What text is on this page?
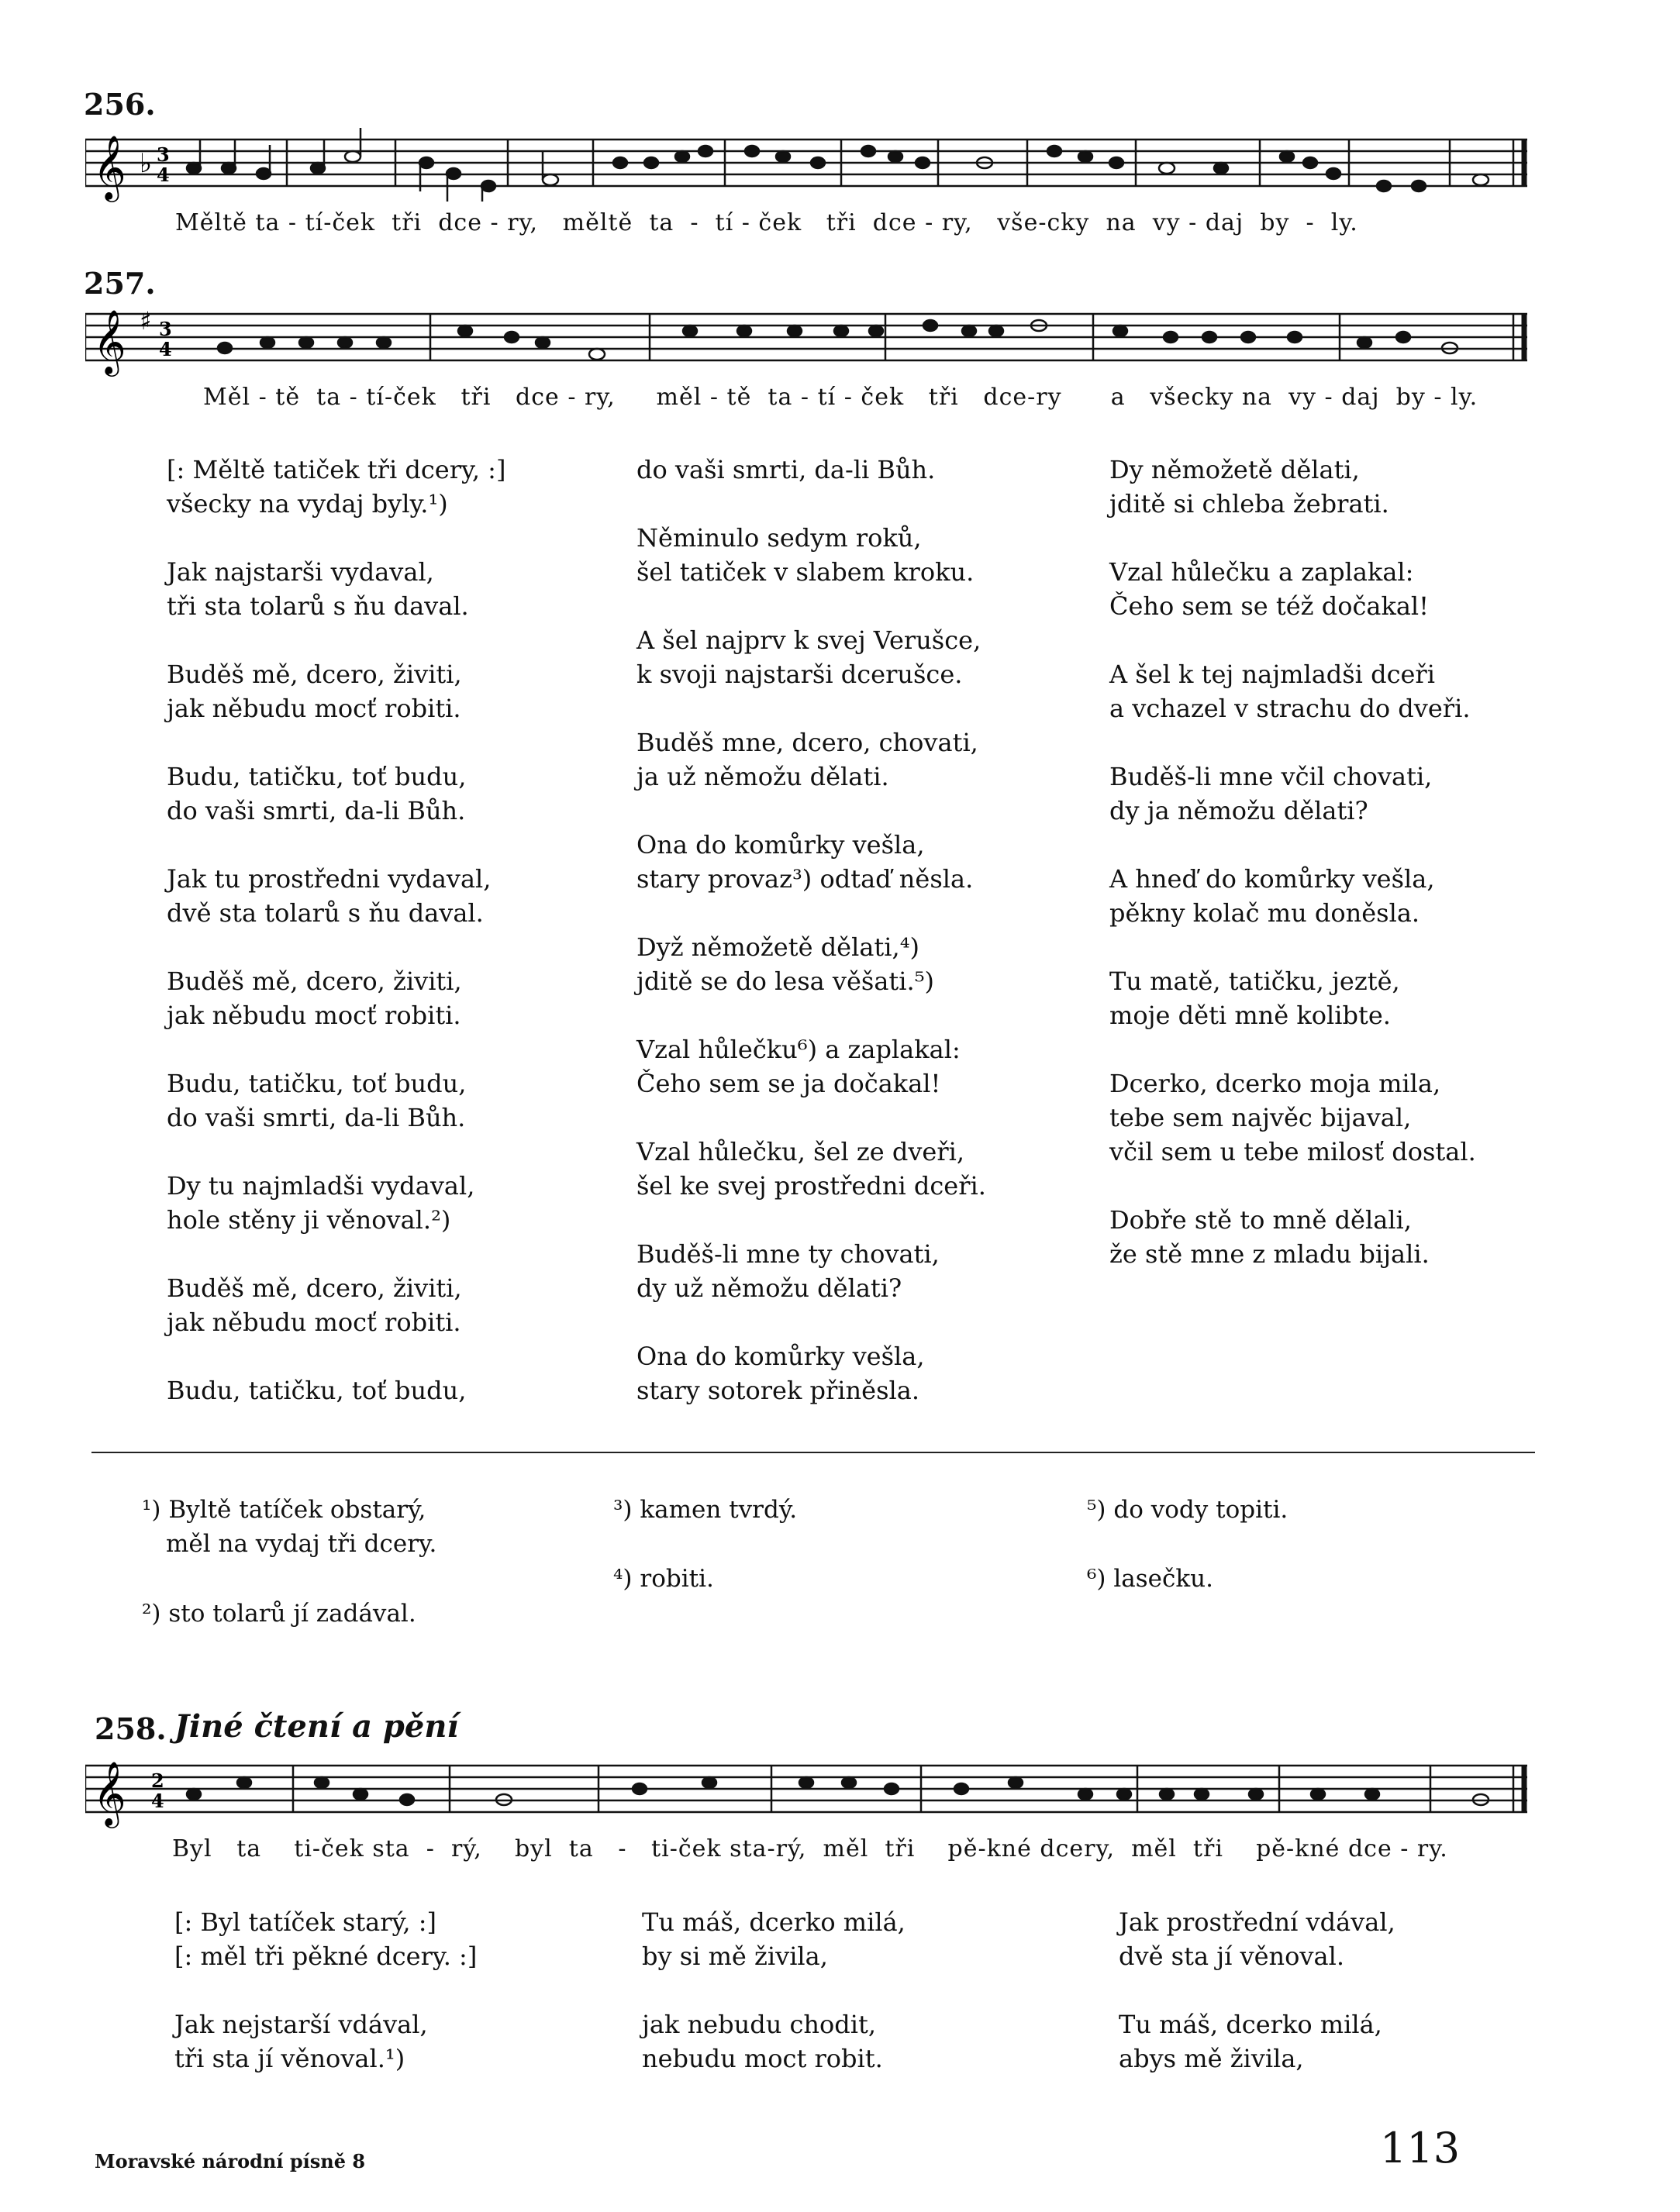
256.
𝄞 ♭ 3
4
Měltě ta - tí-ček  tři  dce - ry,   měltě  ta  -  tí - ček   tři  dce - ry,   vše-cky  na  vy - daj  by  -  ly.
257.
𝄞 ♯ 3
4
Měl - tě  ta - tí-ček   tři   dce - ry,     měl - tě  ta - tí - ček   tři   dce-ry      a   všecky na  vy - daj  by - ly.
[: Měltě tatiček tři dcery, :]
všecky na vydaj byly.¹)
Jak najstarši vydaval,
tři sta tolarů s ňu daval.
Buděš mě, dcero, živiti,
jak něbudu mocť robiti.
Budu, tatičku, toť budu,
do vaši smrti, da-li Bůh.
Jak tu prostředni vydaval,
dvě sta tolarů s ňu daval.
Buděš mě, dcero, živiti,
jak něbudu mocť robiti.
Budu, tatičku, toť budu,
do vaši smrti, da-li Bůh.
Dy tu najmladši vydaval,
hole stěny ji věnoval.²)
Buděš mě, dcero, živiti,
jak něbudu mocť robiti.
Budu, tatičku, toť budu,
do vaši smrti, da-li Bůh.
Něminulo sedym roků,
šel tatiček v slabem kroku.
A šel najprv k svej Verušce,
k svoji najstarši dcerušce.
Buděš mne, dcero, chovati,
ja už němožu dělati.
Ona do komůrky vešla,
stary provaz³) odtaď něsla.
Dyž němožetě dělati,⁴)
jditě se do lesa věšati.⁵)
Vzal hůlečku⁶) a zaplakal:
Čeho sem se ja dočakal!
Vzal hůlečku, šel ze dveři,
šel ke svej prostředni dceři.
Buděš-li mne ty chovati,
dy už němožu dělati?
Ona do komůrky vešla,
stary sotorek přiněsla.
Dy němožetě dělati,
jditě si chleba žebrati.
Vzal hůlečku a zaplakal:
Čeho sem se též dočakal!
A šel k tej najmladši dceři
a vchazel v strachu do dveři.
Buděš-li mne včil chovati,
dy ja němožu dělati?
A hneď do komůrky vešla,
pěkny kolač mu doněsla.
Tu matě, tatičku, jeztě,
moje děti mně kolibte.
Dcerko, dcerko moja mila,
tebe sem najvěc bijaval,
včil sem u tebe milosť dostal.
Dobře stě to mně dělali,
že stě mne z mladu bijali.
¹) Byltě tatíček obstarý,
měl na vydaj tři dcery.
²) sto tolarů jí zadával.
³) kamen tvrdý.
⁴) robiti.
⁵) do vody topiti.
⁶) lasečku.
258. Jiné čtení a pění
𝄞 2
4
Byl   ta    ti-ček sta  -  rý,    byl  ta   -   ti-ček sta-rý,  měl  tři    pě-kné dcery,  měl  tři    pě-kné dce - ry.
[: Byl tatíček starý, :]
[: měl tři pěkné dcery. :]
Jak nejstarší vdával,
tři sta jí věnoval.¹)
Tu máš, dcerko milá,
by si mě živila,
jak nebudu chodit,
nebudu moct robit.
Jak prostřední vdával,
dvě sta jí věnoval.
Tu máš, dcerko milá,
abys mě živila,
Moravské národní písně 8	113
